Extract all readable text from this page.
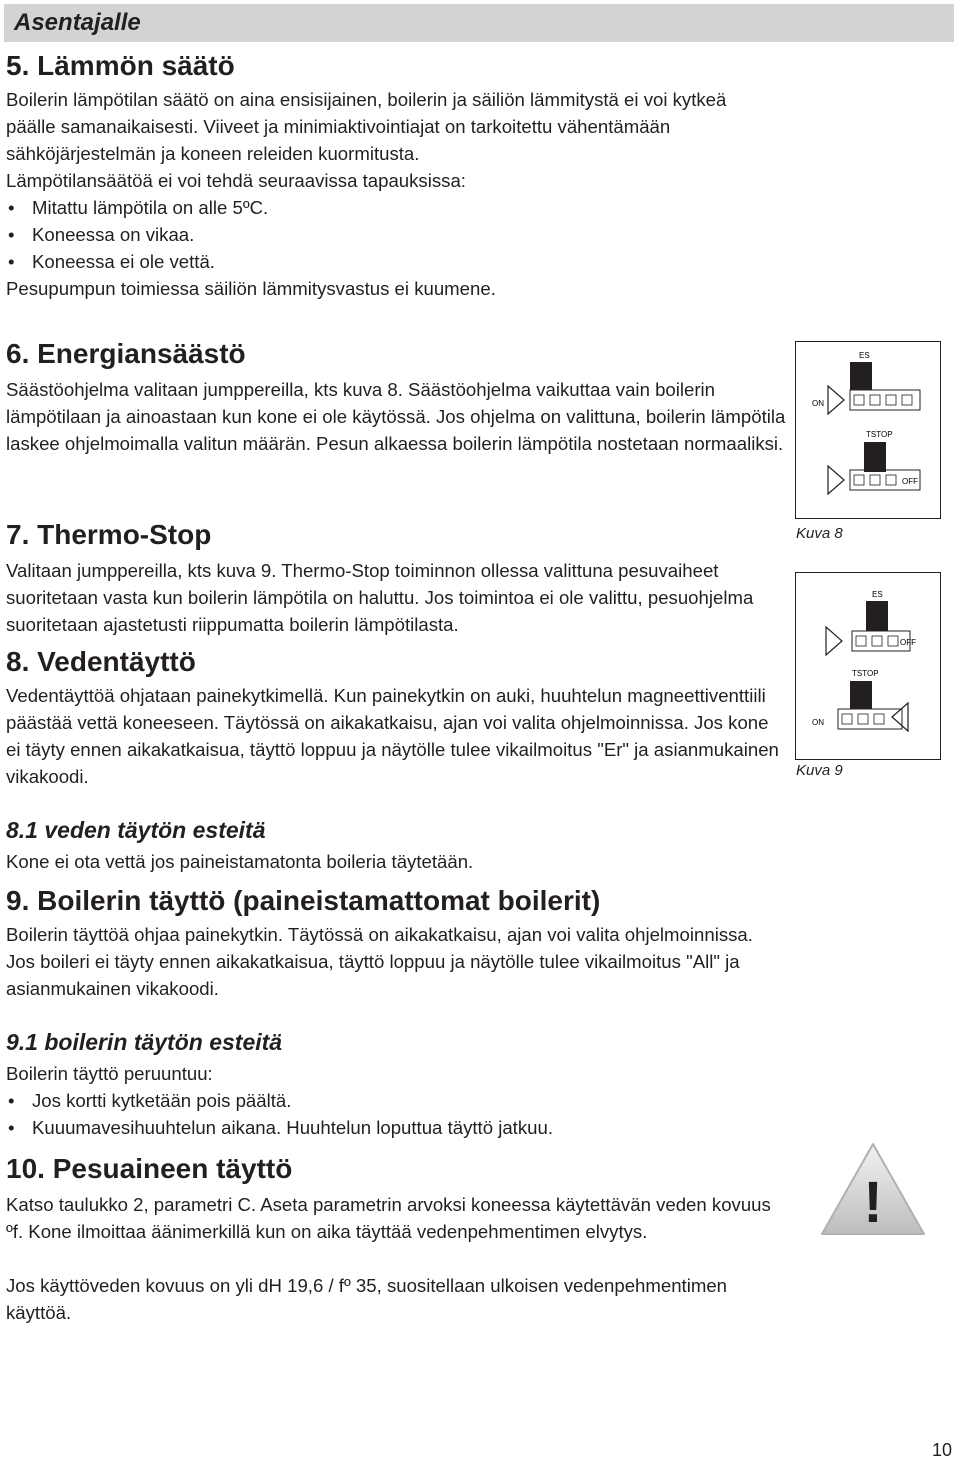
Asentajalle
5. Lämmön säätö

Boilerin lämpötilan säätö on aina ensisijainen, boilerin ja säiliön lämmitystä ei voi kytkeä päälle samanaikaisesti. Viiveet ja minimiaktivointiajat on tarkoitettu vähentämään sähköjärjestelmän ja koneen releiden kuormitusta.

Lämpötilansäätöä ei voi tehdä seuraavissa tapauksissa:

• Mitattu lämpötila on alle 5ºC.
• Koneessa on vikaa.
• Koneessa ei ole vettä.

Pesupumpun toimiessa säiliön lämmitysvastus ei kuumene.

6. Energiansäästö

Säästöohjelma valitaan jumppereilla, kts kuva 8. Säästöohjelma vaikuttaa vain boilerin lämpötilaan ja ainoastaan kun kone ei ole käytössä. Jos ohjelma on valittuna, boilerin lämpötila laskee ohjelmoimalla valitun määrän. Pesun alkaessa boilerin lämpötila nostetaan normaaliksi.

7. Thermo-Stop

Valitaan jumppereilla, kts kuva 9. Thermo-Stop toiminnon ollessa valittuna pesuvaiheet suoritetaan vasta kun boilerin lämpötila on haluttu. Jos toimintoa ei ole valittu, pesuohjelma suoritetaan ajastetusti riippumatta boilerin lämpötilasta.

8. Vedentäyttö

Vedentäyttöä ohjataan painekytkimellä. Kun painekytkin on auki, huuhtelun magneettiventtiili päästää vettä koneeseen. Täytössä on aikakatkaisu, ajan voi valita ohjelmoinnissa. Jos kone ei täyty ennen aikakatkaisua, täyttö loppuu ja näytölle tulee vikailmoitus "Er" ja asianmukainen vikakoodi.

8.1 veden täytön esteitä

Kone ei ota vettä jos paineistamatonta boileria täytetään.

9. Boilerin täyttö (paineistamattomat boilerit)

Boilerin täyttöä ohjaa painekytkin. Täytössä on aikakatkaisu, ajan voi valita ohjelmoinnissa. Jos boileri ei täyty ennen aikakatkaisua, täyttö loppuu ja näytölle tulee vikailmoitus "All" ja asianmukainen vikakoodi.

9.1 boilerin täytön esteitä

Boilerin täyttö peruuntuu:

• Jos kortti kytketään pois päältä.
• Kuuumavesihuuhtelun aikana. Huuhtelun loputtua täyttö jatkuu.
10. Pesuaineen täyttö

Katso taulukko 2, parametri C. Aseta parametrin arvoksi koneessa käytettävän veden kovuus ºf. Kone ilmoittaa äänimerkillä kun on aika täyttää vedenpehmentimen elvytys.

Jos käyttöveden kovuus on yli dH 19,6 / fº 35, suositellaan ulkoisen vedenpehmentimen käyttöä.

ES
ON
TSTOP
OFF
Kuva 8
ES
OFF
TSTOP
ON
Kuva 9
!
10
